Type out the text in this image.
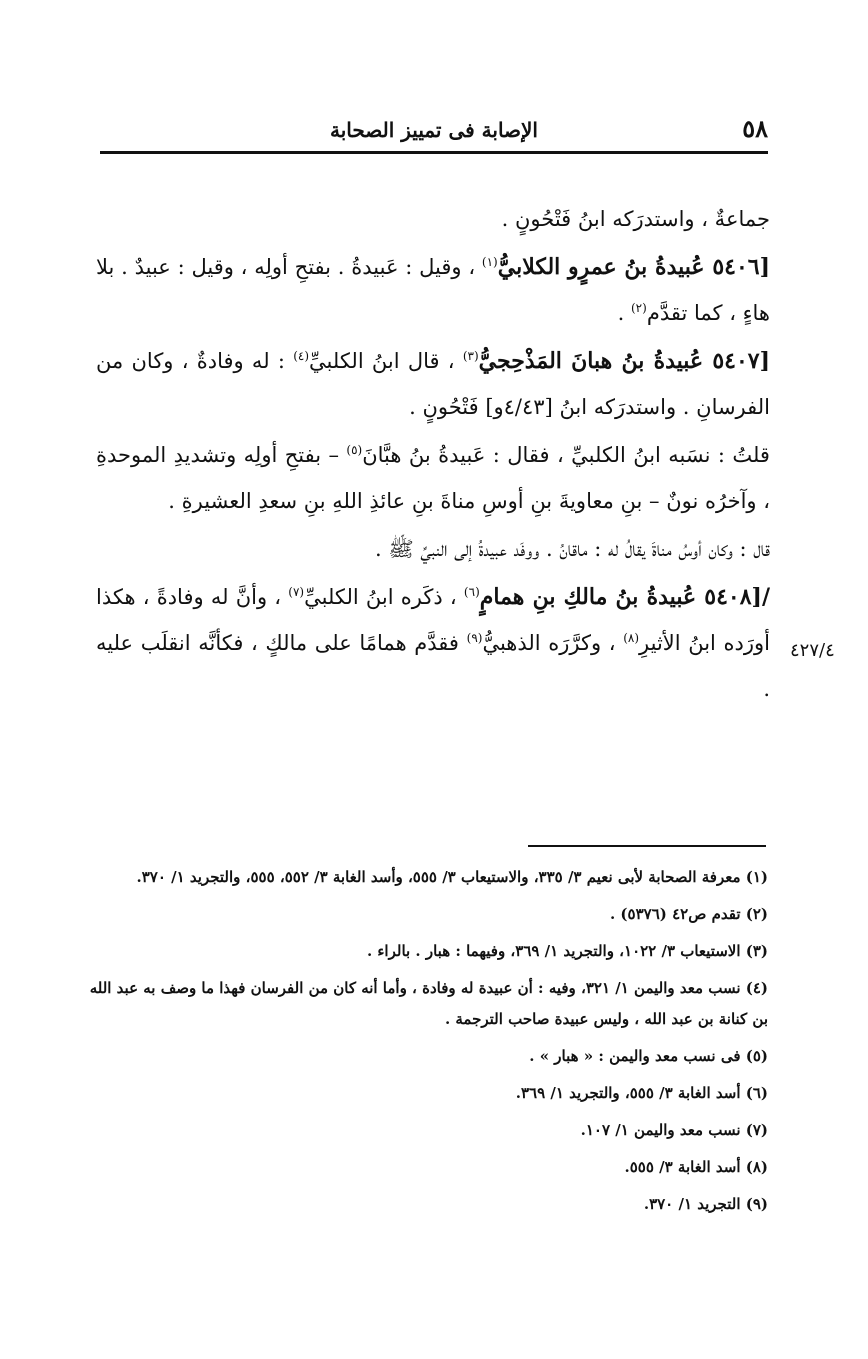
٥٨
الإصابة فى تمييز الصحابة
٤٢٧/٤

جماعةٌ ، واستدرَكه ابنُ فَتْحُونٍ .

[٥٤٠٦ عُبيدةُ بنُ عمرٍو الكلابيُّ$^{(١)}$ ، وقيل : عَبيدةُ . بفتحِ أولِه ، وقيل : عبيدٌ . بلا هاءٍ ، كما تقدَّم$^{(٢)}$ .

[٥٤٠٧ عُبيدةُ بنُ هبانَ المَذْحِجيُّ$^{(٣)}$ ، قال ابنُ الكلبيِّ$^{(٤)}$ : له وفادةٌ ، وكان من الفرسانِ . واستدرَكه ابنُ [٤/٤٣و] فَتْحُونٍ .

قلتُ : نسَبه ابنُ الكلبيِّ ، فقال : عَبيدةُ بنُ هبَّانَ$^{(٥)}$ – بفتحِ أولِه وتشديدِ الموحدةِ ، وآخرُه نونٌ – بنِ معاويةَ بنِ أوسِ مناةَ بنِ عائذِ اللهِ بنِ سعدِ العشيرةِ .

قال : وكان أوسُ مناةَ يقالُ له : ماقانُ . ووفَد عبيدةُ إلى النبيِّ ﷺ .

/[٥٤٠٨ عُبيدةُ بنُ مالكِ بنِ همامٍ$^{(٦)}$ ، ذكَره ابنُ الكلبيِّ$^{(٧)}$ ، وأنَّ له وفادةً ، هكذا أورَده ابنُ الأثيرِ$^{(٨)}$ ، وكرَّرَه الذهبيُّ$^{(٩)}$ فقدَّم همامًا على مالكٍ ، فكأنَّه انقلَب عليه .

(١) معرفة الصحابة لأبى نعيم ٣/ ٣٣٥، والاستيعاب ٣/ ٥٥٥، وأسد الغابة ٣/ ٥٥٢، ٥٥٥، والتجريد ١/ ٣٧٠.
(٢) تقدم ص٤٢ (٥٣٧٦) .
(٣) الاستيعاب ٣/ ١٠٢٢، والتجريد ١/ ٣٦٩، وفيهما : هبار . بالراء .
(٤) نسب معد واليمن ١/ ٣٢١، وفيه : أن عبيدة له وفادة ، وأما أنه كان من الفرسان فهذا ما وصف به عبد الله بن كنانة بن عبد الله ، وليس عبيدة صاحب الترجمة .
(٥) فى نسب معد واليمن : « هبار » .
(٦) أسد الغابة ٣/ ٥٥٥، والتجريد ١/ ٣٦٩.
(٧) نسب معد واليمن ١/ ١٠٧.
(٨) أسد الغابة ٣/ ٥٥٥.
(٩) التجريد ١/ ٣٧٠.
